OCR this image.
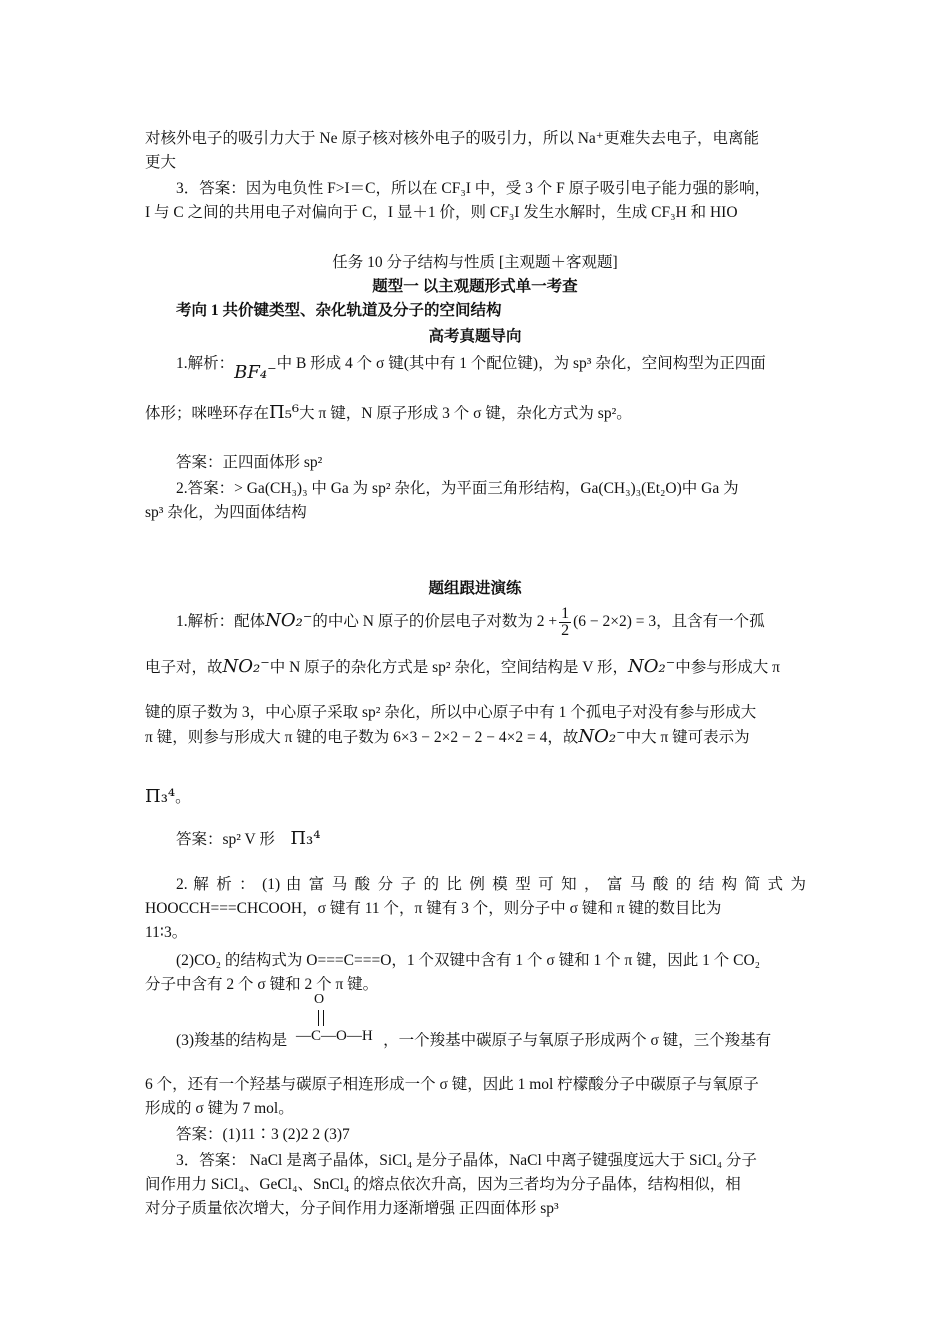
对核外电子的吸引力大于 Ne 原子核对核外电子的吸引力，所以 Na⁺更难失去电子，电离能
更大
3．答案：因为电负性 F>I＝C，所以在 CF₃I 中，受 3 个 F 原子吸引电子能力强的影响，
I 与 C 之间的共用电子对偏向于 C，I 显＋1 价，则 CF₃I 发生水解时，生成 CF₃H 和 HIO
任务 10 分子结构与性质 [主观题＋客观题]
题型一 以主观题形式单一考查
考向 1 共价键类型、杂化轨道及分子的空间结构
高考真题导向
1.解析：BF₄⁻中 B 形成 4 个 σ 键(其中有 1 个配位键)，为 sp³ 杂化，空间构型为正四面
体形；咪唑环存在Π₅⁶大 π 键，N 原子形成 3 个 σ 键，杂化方式为 sp²。
答案：正四面体形 sp²
2.答案：> Ga(CH₃)₃ 中 Ga 为 sp² 杂化，为平面三角形结构，Ga(CH₃)₃(Et₂O)中 Ga 为
sp³ 杂化，为四面体结构
题组跟进演练
1.解析：配体NO₂⁻的中心 N 原子的价层电子对数为 $2 + \frac{1}{2} (6 - 2\times 2) = 3$，且含有一个孤
电子对，故NO₂⁻中 N 原子的杂化方式是 sp² 杂化，空间结构是 V 形，NO₂⁻中参与形成大 π
键的原子数为 3，中心原子采取 sp² 杂化，所以中心原子中有 1 个孤电子对没有参与形成大
π 键，则参与形成大 π 键的电子数为 6×3 − 2×2 − 2 − 4×2 = 4，故NO₂⁻中大 π 键可表示为
Π₃⁴。
答案：sp² V 形 Π₃⁴
2. 解 析 ： (1) 由 富 马 酸 分 子 的 比 例 模 型 可 知 ， 富 马 酸 的 结 构 简 式 为
HOOCCH===CHCOOH，σ 键有 11 个，π 键有 3 个，则分子中 σ 键和 π 键的数目比为
11∶3。
(2)CO₂ 的结构式为 O===C===O，1 个双键中含有 1 个 σ 键和 1 个 π 键，因此 1 个 CO₂
分子中含有 2 个 σ 键和 2 个 π 键。
(3)羧基的结构是	，一个羧基中碳原子与氧原子形成两个 σ 键，三个羧基有
O
—C—O—H
6 个，还有一个羟基与碳原子相连形成一个 σ 键，因此 1 mol 柠檬酸分子中碳原子与氧原子
形成的 σ 键为 7 mol。
答案：(1)11∶3 (2)2 2 (3)7
3．答案： NaCl 是离子晶体，SiCl₄ 是分子晶体，NaCl 中离子键强度远大于 SiCl₄ 分子
间作用力 SiCl₄、GeCl₄、SnCl₄ 的熔点依次升高，因为三者均为分子晶体，结构相似，相
对分子质量依次增大，分子间作用力逐渐增强 正四面体形 sp³
